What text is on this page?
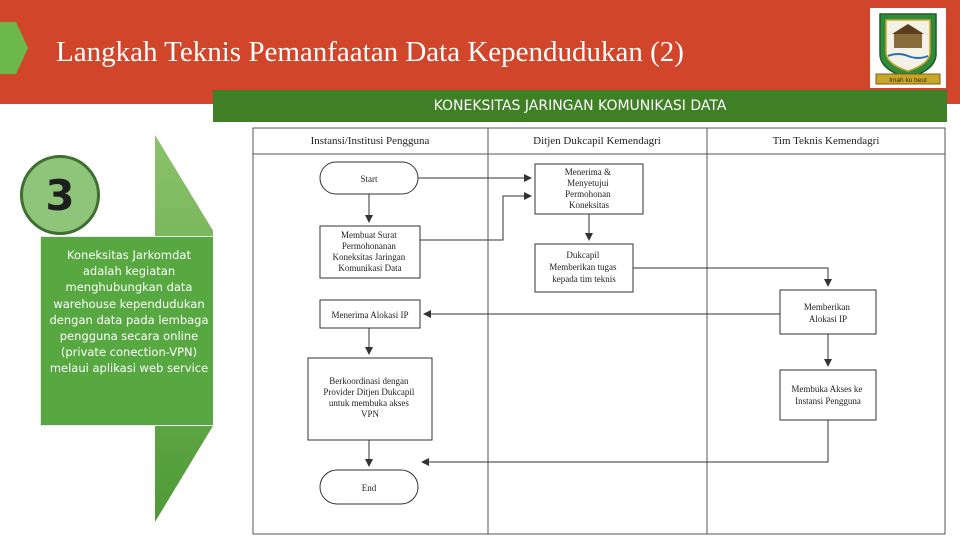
Langkah Teknis Pemanfaatan Data Kependudukan (2)
Imah ku beut
3
Koneksitas Jarkomdat adalah kegiatan menghubungkan data warehouse kependudukan dengan data pada lembaga pengguna secara online (private conection-VPN) melaui aplikasi web service
KONEKSITAS JARINGAN KOMUNIKASI DATA
Instansi/Institusi Pengguna	Ditjen Dukcapil Kemendagri	Tim Teknis Kemendagri
Start
Menerima & Menyetujui Permohonan Koneksitas
Membuat Surat Permohonanan Koneksitas Jaringan Komunikasi Data
Dukcapil Memberikan tugas kepada tim teknis
Menerima Alokasi IP
Memberikan Alokasi IP
Berkoordinasi dengan Provider Ditjen Dukcapil untuk membuka akses VPN
Membuka Akses ke Instansi Pengguna
End
